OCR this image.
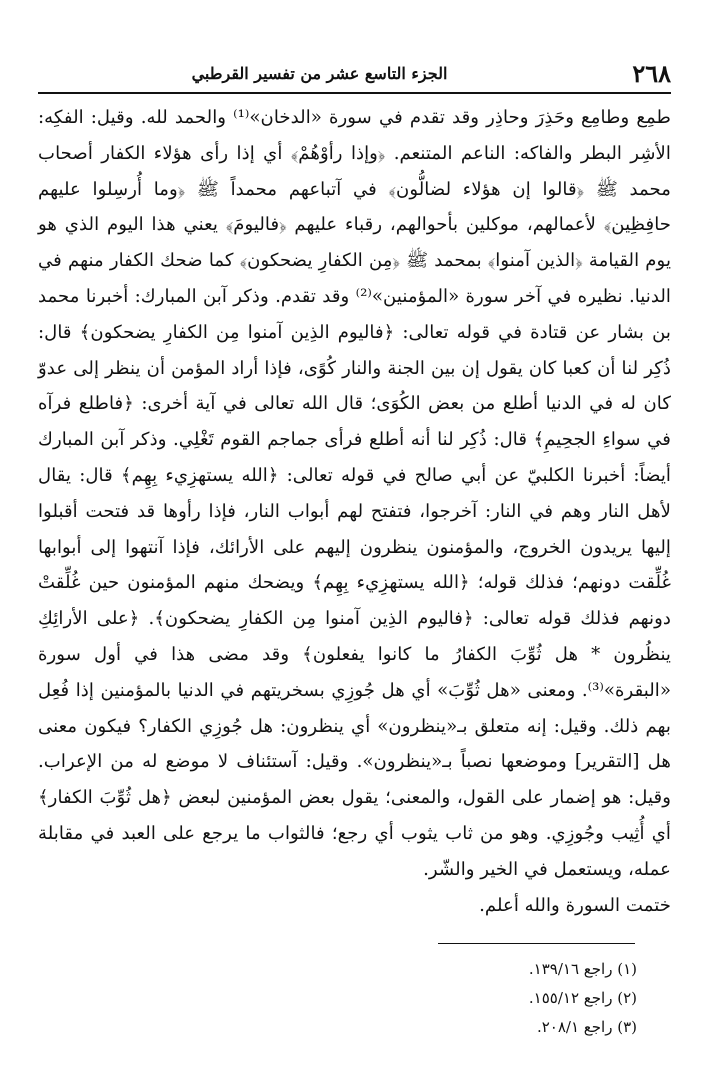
٢٦٨
الجزء التاسع عشر من تفسير القرطبي

طمِع وطامِع وحَذِرَ وحاذِر وقد تقدم في سورة «الدخان»⁽¹⁾ والحمد لله. وقيل: الفكِه: الأشِر البطر والفاكه: الناعم المتنعم. ﴿وإذا رأوْهُمْ﴾ أي إذا رأى هؤلاء الكفار أصحاب محمد ﷺ ﴿قالوا إن هؤلاء لضالُّون﴾ في آتباعهم محمداً ﷺ ﴿وما أُرسِلوا عليهم حافِظِين﴾ لأعمالهم، موكلين بأحوالهم، رقباء عليهم ﴿فاليومَ﴾ يعني هذا اليوم الذي هو يوم القيامة ﴿الذين آمنوا﴾ بمحمد ﷺ ﴿مِن الكفارِ يضحكون﴾ كما ضحك الكفار منهم في الدنيا. نظيره في آخر سورة «المؤمنين»⁽²⁾ وقد تقدم. وذكر آبن المبارك: أخبرنا محمد بن بشار عن قتادة في قوله تعالى: ﴿فاليوم الذِين آمنوا مِن الكفارِ يضحكون﴾ قال: ذُكِر لنا أن كعبا كان يقول إن بين الجنة والنار كُوًى، فإذا أراد المؤمن أن ينظر إلى عدوّ كان له في الدنيا أطلع من بعض الكُوَى؛ قال الله تعالى في آية أخرى: ﴿فاطلع فرآه في سواءِ الجحِيمِ﴾ قال: ذُكِر لنا أنه أطلع فرأى جماجم القوم تَغْلِي. وذكر آبن المبارك أيضاً: أخبرنا الكلبيّ عن أبي صالح في قوله تعالى: ﴿الله يستهزِيء بِهِم﴾ قال: يقال لأهل النار وهم في النار: آخرجوا، فتفتح لهم أبواب النار، فإذا رأوها قد فتحت أقبلوا إليها يريدون الخروج، والمؤمنون ينظرون إليهم على الأرائك، فإذا آنتهوا إلى أبوابها غُلِّقت دونهم؛ فذلك قوله؛ ﴿الله يستهزِيء بِهِم﴾ ويضحك منهم المؤمنون حين غُلِّقتْ دونهم فذلك قوله تعالى: ﴿فاليوم الذِين آمنوا مِن الكفارِ يضحكون﴾. ﴿على الأرائِكِ ينظُرون * هل ثُوِّبَ الكفارُ ما كانوا يفعلون﴾ وقد مضى هذا في أول سورة «البقرة»⁽³⁾. ومعنى «هل ثُوِّبَ» أي هل جُوزِي بسخريتهم في الدنيا بالمؤمنين إذا فُعِل بهم ذلك. وقيل: إنه متعلق بـ«ينظرون» أي ينظرون: هل جُوزِي الكفار؟ فيكون معنى هل [التقرير] وموضعها نصباً بـ«ينظرون». وقيل: آستئناف لا موضع له من الإعراب. وقيل: هو إضمار على القول، والمعنى؛ يقول بعض المؤمنين لبعض ﴿هل ثُوِّبَ الكفار﴾ أي أُثِيب وجُوزِي. وهو من ثاب يثوب أي رجع؛ فالثواب ما يرجع على العبد في مقابلة عمله، ويستعمل في الخير والشّر.

ختمت السورة والله أعلم.

(١) راجع ١٣٩/١٦.
(٢) راجع ١٥٥/١٢.
(٣) راجع ٢٠٨/١.
